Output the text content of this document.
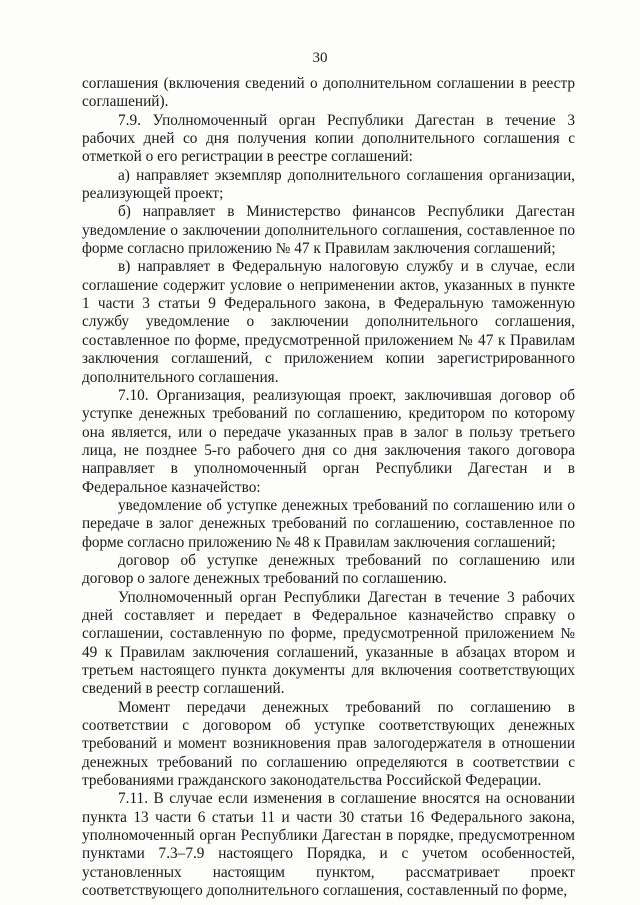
30

соглашения (включения сведений о дополнительном соглашении в реестр соглашений).

7.9. Уполномоченный орган Республики Дагестан в течение 3 рабочих дней со дня получения копии дополнительного соглашения с отметкой о его регистрации в реестре соглашений:

а) направляет экземпляр дополнительного соглашения организации, реализующей проект;

б) направляет в Министерство финансов Республики Дагестан уведомление о заключении дополнительного соглашения, составленное по форме согласно приложению № 47 к Правилам заключения соглашений;

в) направляет в Федеральную налоговую службу и в случае, если соглашение содержит условие о неприменении актов, указанных в пункте 1 части 3 статьи 9 Федерального закона, в Федеральную таможенную службу уведомление о заключении дополнительного соглашения, составленное по форме, предусмотренной приложением № 47 к Правилам заключения соглашений, с приложением копии зарегистрированного дополнительного соглашения.

7.10. Организация, реализующая проект, заключившая договор об уступке денежных требований по соглашению, кредитором по которому она является, или о передаче указанных прав в залог в пользу третьего лица, не позднее 5-го рабочего дня со дня заключения такого договора направляет в уполномоченный орган Республики Дагестан и в Федеральное казначейство:

уведомление об уступке денежных требований по соглашению или о передаче в залог денежных требований по соглашению, составленное по форме согласно приложению № 48 к Правилам заключения соглашений;

договор об уступке денежных требований по соглашению или договор о залоге денежных требований по соглашению.

Уполномоченный орган Республики Дагестан в течение 3 рабочих дней составляет и передает в Федеральное казначейство справку о соглашении, составленную по форме, предусмотренной приложением № 49 к Правилам заключения соглашений, указанные в абзацах втором и третьем настоящего пункта документы для включения соответствующих сведений в реестр соглашений.

Момент передачи денежных требований по соглашению в соответствии с договором об уступке соответствующих денежных требований и момент возникновения прав залогодержателя в отношении денежных требований по соглашению определяются в соответствии с требованиями гражданского законодательства Российской Федерации.

7.11. В случае если изменения в соглашение вносятся на основании пункта 13 части 6 статьи 11 и части 30 статьи 16 Федерального закона, уполномоченный орган Республики Дагестан в порядке, предусмотренном пунктами 7.3–7.9 настоящего Порядка, и с учетом особенностей, установленных настоящим пунктом, рассматривает проект соответствующего дополнительного соглашения, составленный по форме,
